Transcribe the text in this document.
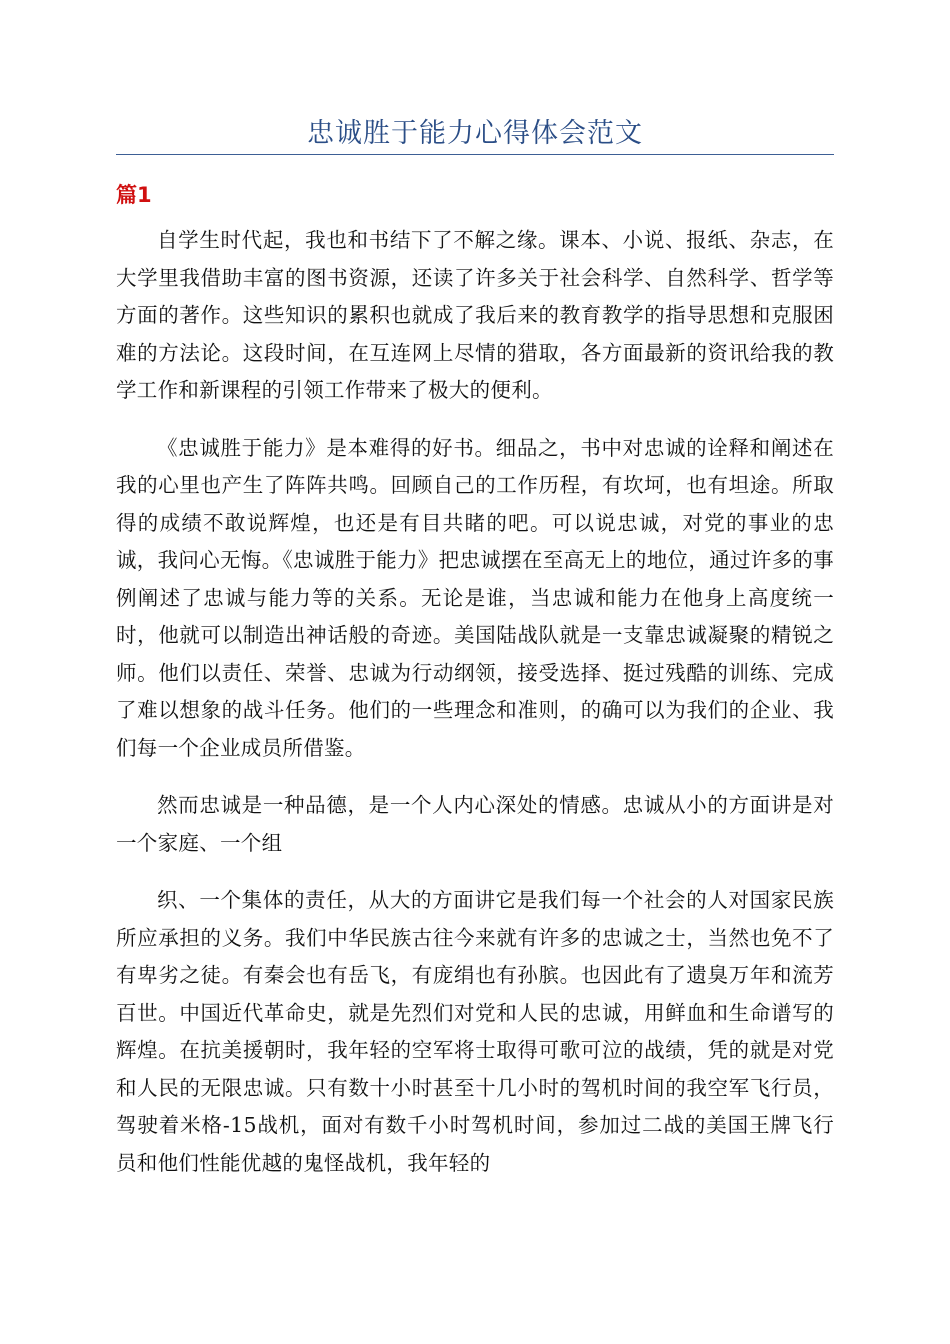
忠诚胜于能力心得体会范文
篇1

自学生时代起，我也和书结下了不解之缘。课本、小说、报纸、杂志，在大学里我借助丰富的图书资源，还读了许多关于社会科学、自然科学、哲学等方面的著作。这些知识的累积也就成了我后来的教育教学的指导思想和克服困难的方法论。这段时间，在互连网上尽情的猎取，各方面最新的资讯给我的教学工作和新课程的引领工作带来了极大的便利。

《忠诚胜于能力》是本难得的好书。细品之，书中对忠诚的诠释和阐述在我的心里也产生了阵阵共鸣。回顾自己的工作历程，有坎坷，也有坦途。所取得的成绩不敢说辉煌，也还是有目共睹的吧。可以说忠诚，对党的事业的忠诚，我问心无悔。《忠诚胜于能力》把忠诚摆在至高无上的地位，通过许多的事例阐述了忠诚与能力等的关系。无论是谁，当忠诚和能力在他身上高度统一时，他就可以制造出神话般的奇迹。美国陆战队就是一支靠忠诚凝聚的精锐之师。他们以责任、荣誉、忠诚为行动纲领，接受选择、挺过残酷的训练、完成了难以想象的战斗任务。他们的一些理念和准则，的确可以为我们的企业、我们每一个企业成员所借鉴。

然而忠诚是一种品德，是一个人内心深处的情感。忠诚从小的方面讲是对一个家庭、一个组

织、一个集体的责任，从大的方面讲它是我们每一个社会的人对国家民族所应承担的义务。我们中华民族古往今来就有许多的忠诚之士，当然也免不了有卑劣之徒。有秦会也有岳飞，有庞绢也有孙膑。也因此有了遗臭万年和流芳百世。中国近代革命史，就是先烈们对党和人民的忠诚，用鲜血和生命谱写的辉煌。在抗美援朝时，我年轻的空军将士取得可歌可泣的战绩，凭的就是对党和人民的无限忠诚。只有数十小时甚至十几小时的驾机时间的我空军飞行员，驾驶着米格-15战机，面对有数千小时驾机时间，参加过二战的美国王牌飞行员和他们性能优越的鬼怪战机，我年轻的
